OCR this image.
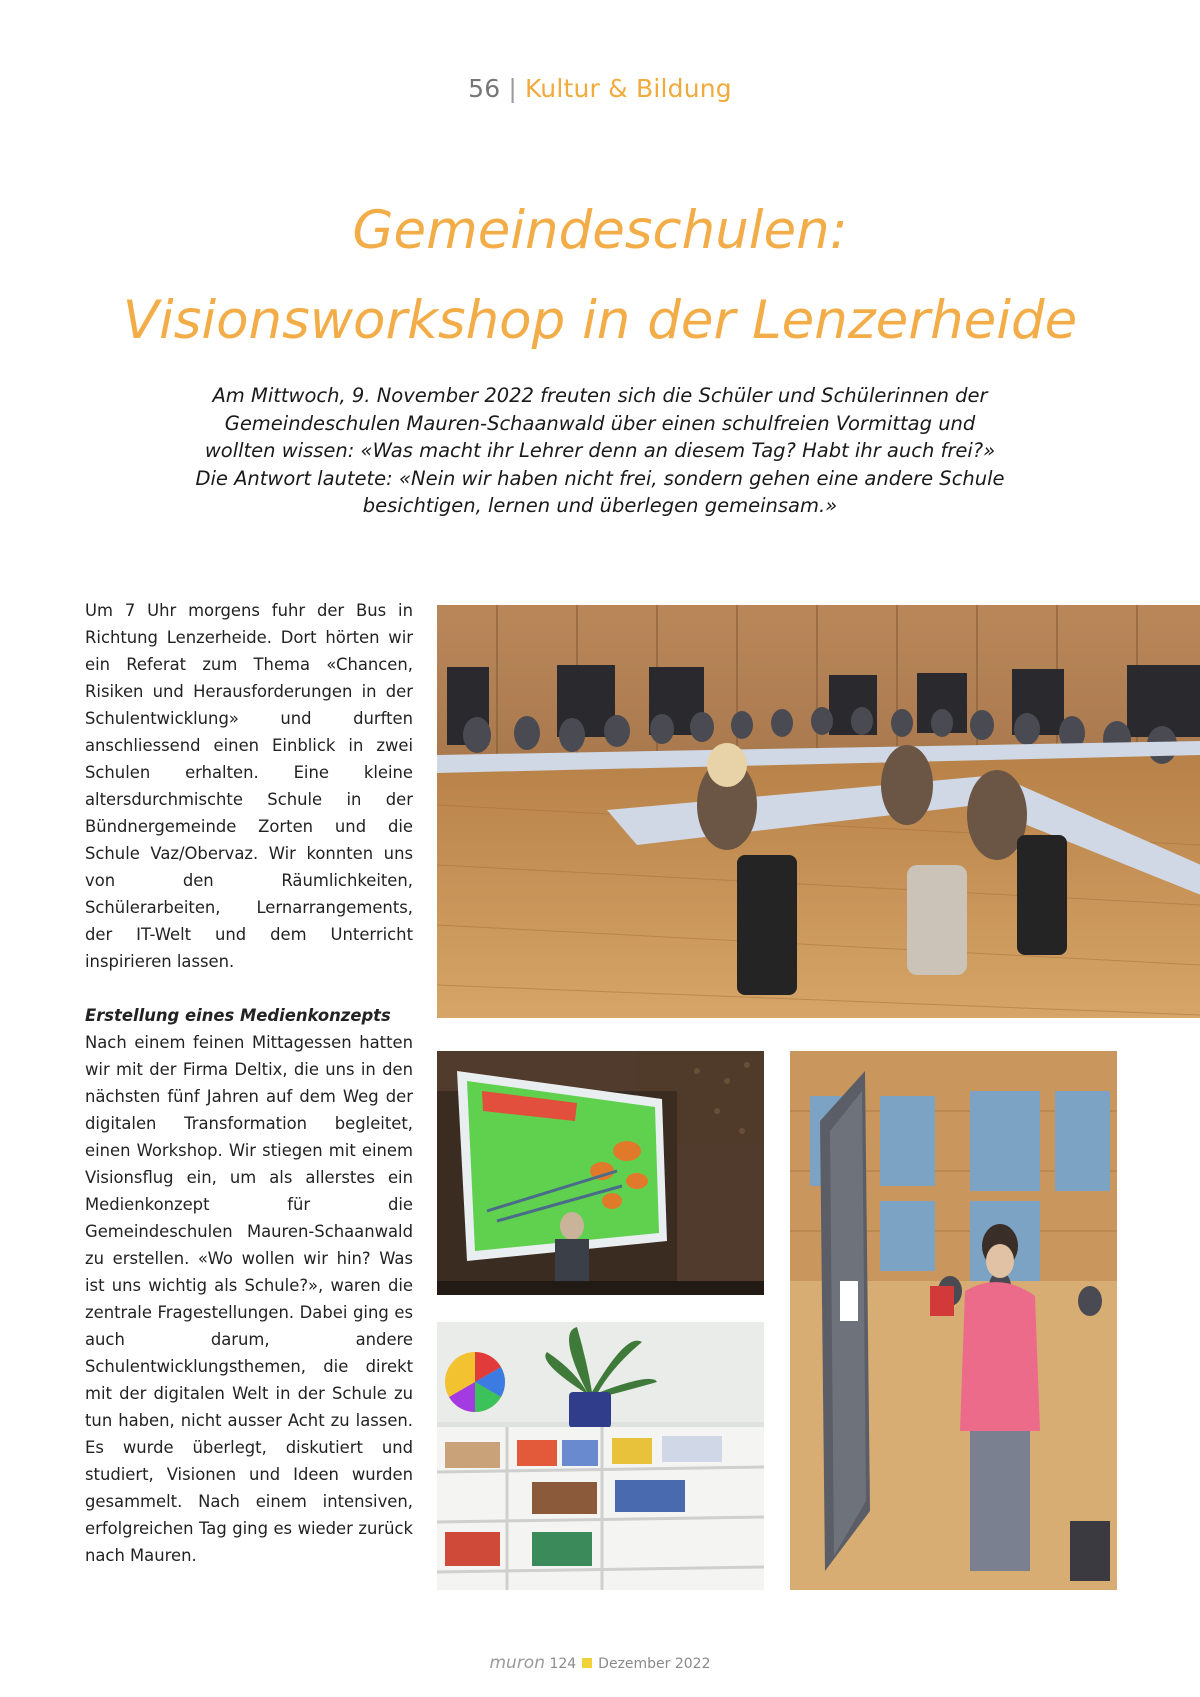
56 | Kultur & Bildung
Gemeindeschulen:
Visionsworkshop in der Lenzerheide

Am Mittwoch, 9. November 2022 freuten sich die Schüler und Schülerinnen der Gemeindeschulen Mauren-Schaanwald über einen schulfreien Vormittag und wollten wissen: «Was macht ihr Lehrer denn an diesem Tag? Habt ihr auch frei?» Die Antwort lautete: «Nein wir haben nicht frei, sondern gehen eine andere Schule besichtigen, lernen und überlegen gemeinsam.»

Um 7 Uhr morgens fuhr der Bus in Richtung Lenzerheide. Dort hörten wir ein Referat zum Thema «Chancen, Risiken und Herausforderungen in der Schulentwicklung» und durften anschliessend einen Einblick in zwei Schulen erhalten. Eine kleine altersdurchmischte Schule in der Bündnergemeinde Zorten und die Schule Vaz/Obervaz. Wir konnten uns von den Räumlichkeiten, Schülerarbeiten, Lernarrangements, der IT-Welt und dem Unterricht inspirieren lassen.

Erstellung eines Medienkonzepts

Nach einem feinen Mittagessen hatten wir mit der Firma Deltix, die uns in den nächsten fünf Jahren auf dem Weg der digitalen Transformation begleitet, einen Workshop. Wir stiegen mit einem Visionsflug ein, um als allerstes ein Medienkonzept für die Gemeindeschulen Mauren-Schaanwald zu erstellen. «Wo wollen wir hin? Was ist uns wichtig als Schule?», waren die zentrale Fragestellungen. Dabei ging es auch darum, andere Schulentwicklungsthemen, die direkt mit der digitalen Welt in der Schule zu tun haben, nicht ausser Acht zu lassen. Es wurde überlegt, diskutiert und studiert, Visionen und Ideen wurden gesammelt. Nach einem intensiven, erfolgreichen Tag ging es wieder zurück nach Mauren.

muron 124 Dezember 2022
